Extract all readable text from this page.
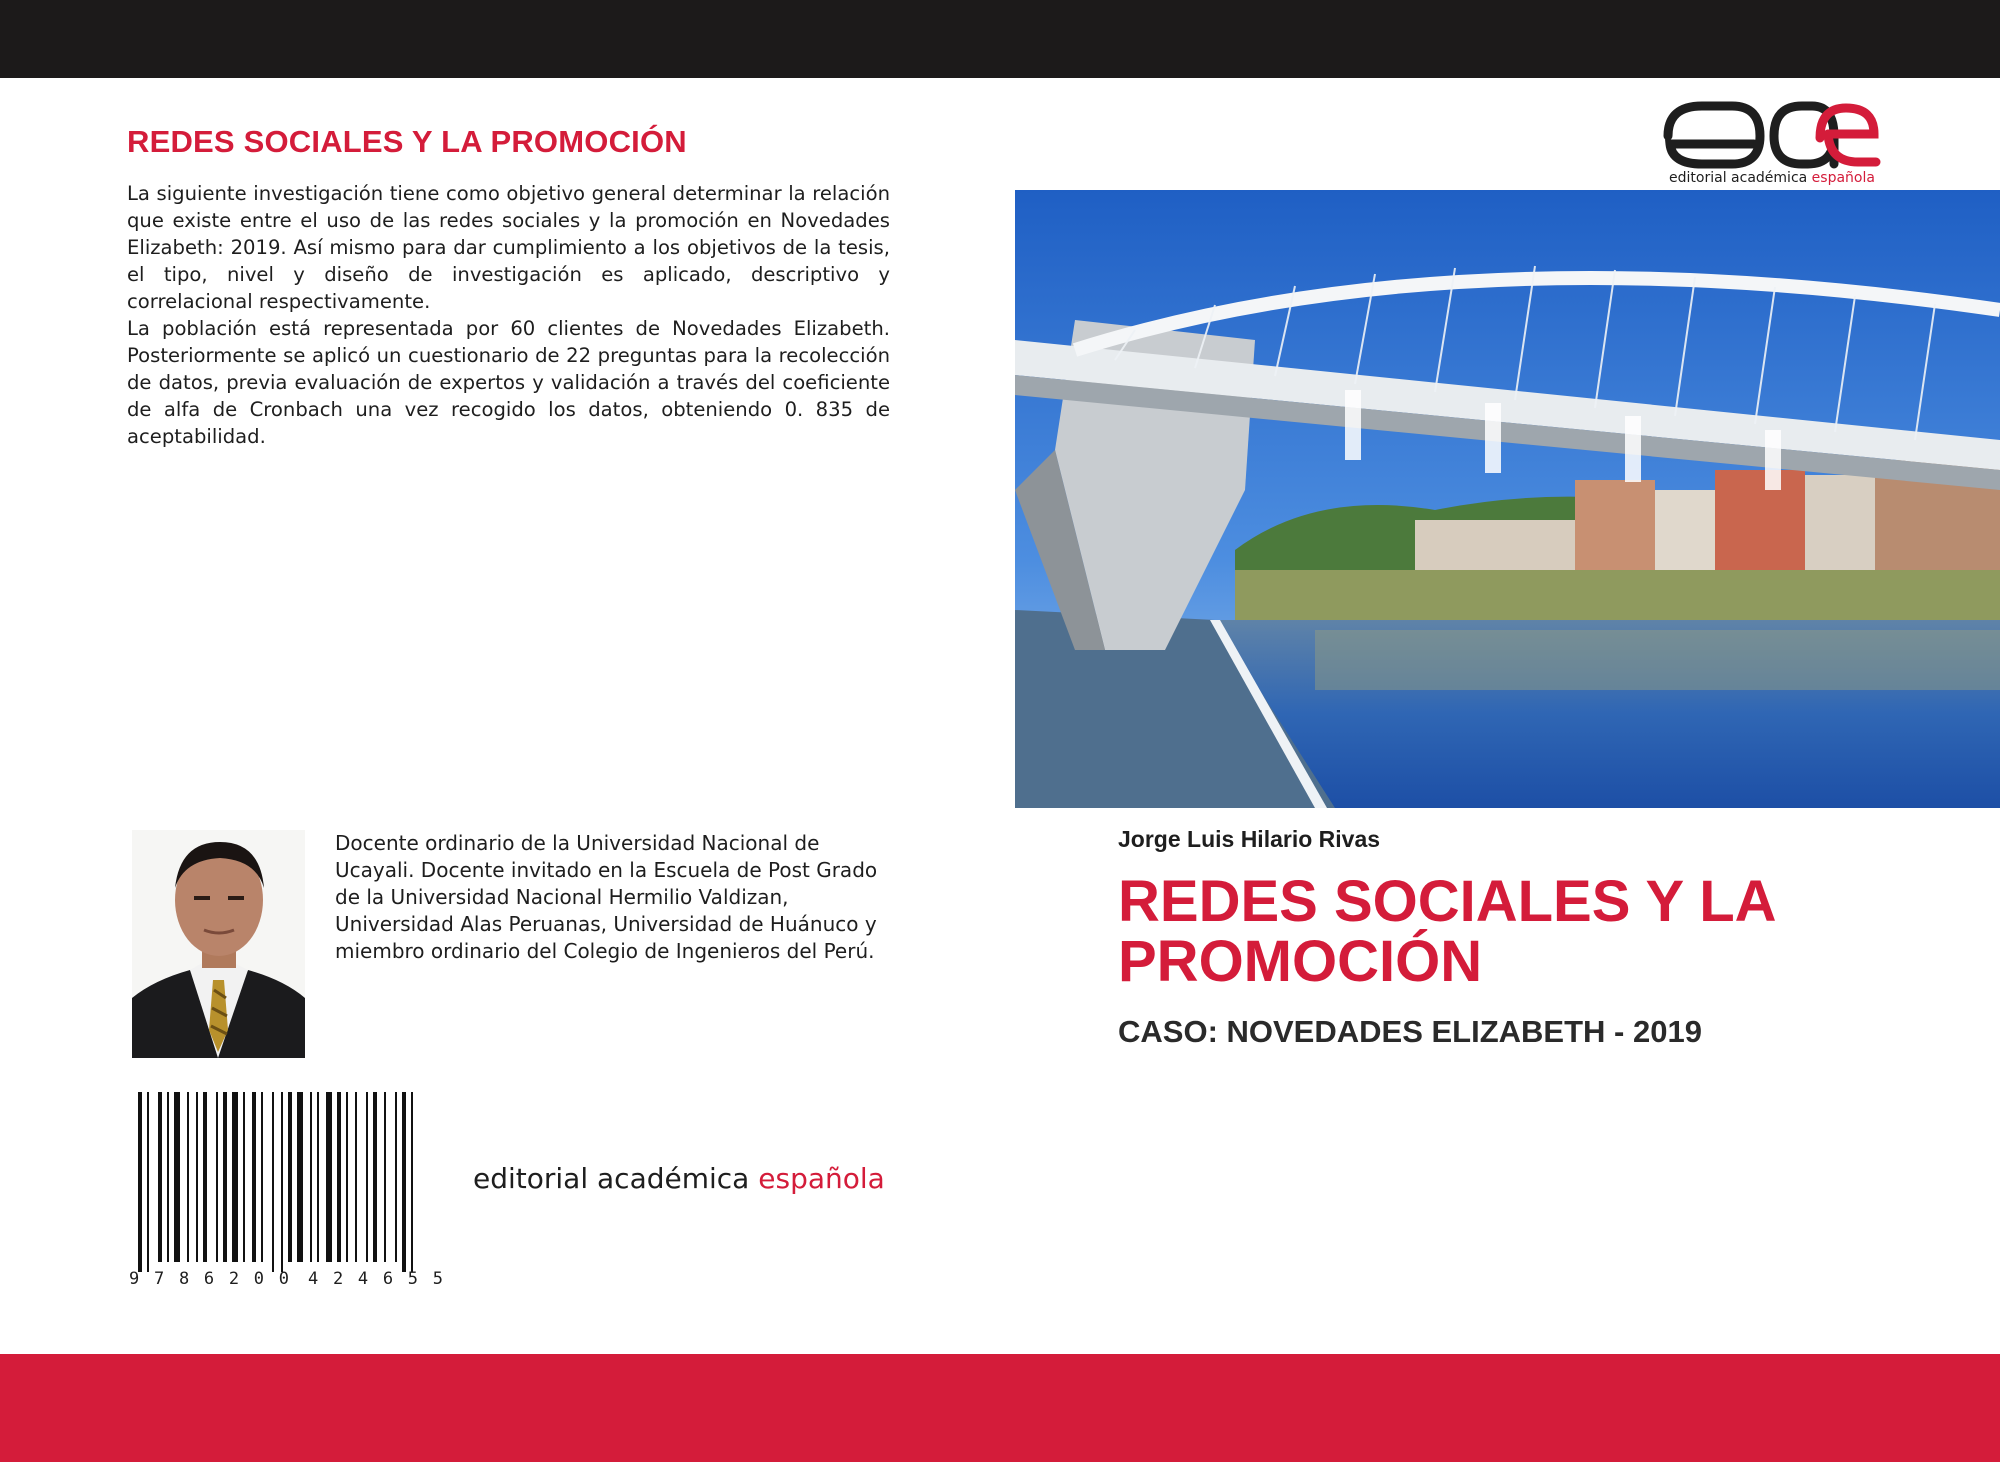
REDES SOCIALES Y LA PROMOCIÓN

La siguiente investigación tiene como objetivo general determinar la relación que existe entre el uso de las redes sociales y la promoción en Novedades Elizabeth: 2019. Así mismo para dar cumplimiento a los objetivos de la tesis, el tipo, nivel y diseño de investigación es aplicado, descriptivo y correlacional respectivamente.

La población está representada por 60 clientes de Novedades Elizabeth. Posteriormente se aplicó un cuestionario de 22 preguntas para la recolección de datos, previa evaluación de expertos y validación a través del coeficiente de alfa de Cronbach una vez recogido los datos, obteniendo 0. 835 de aceptabilidad.

Docente ordinario de la Universidad Nacional de Ucayali. Docente invitado en la Escuela de Post Grado de la Universidad Nacional Hermilio Valdizan, Universidad Alas Peruanas, Universidad de Huánuco y miembro ordinario del Colegio de Ingenieros del Perú.
9 786200 424655
editorial académica española
editorial académica española
Jorge Luis Hilario Rivas
REDES SOCIALES Y LA PROMOCIÓN
CASO: NOVEDADES ELIZABETH - 2019
